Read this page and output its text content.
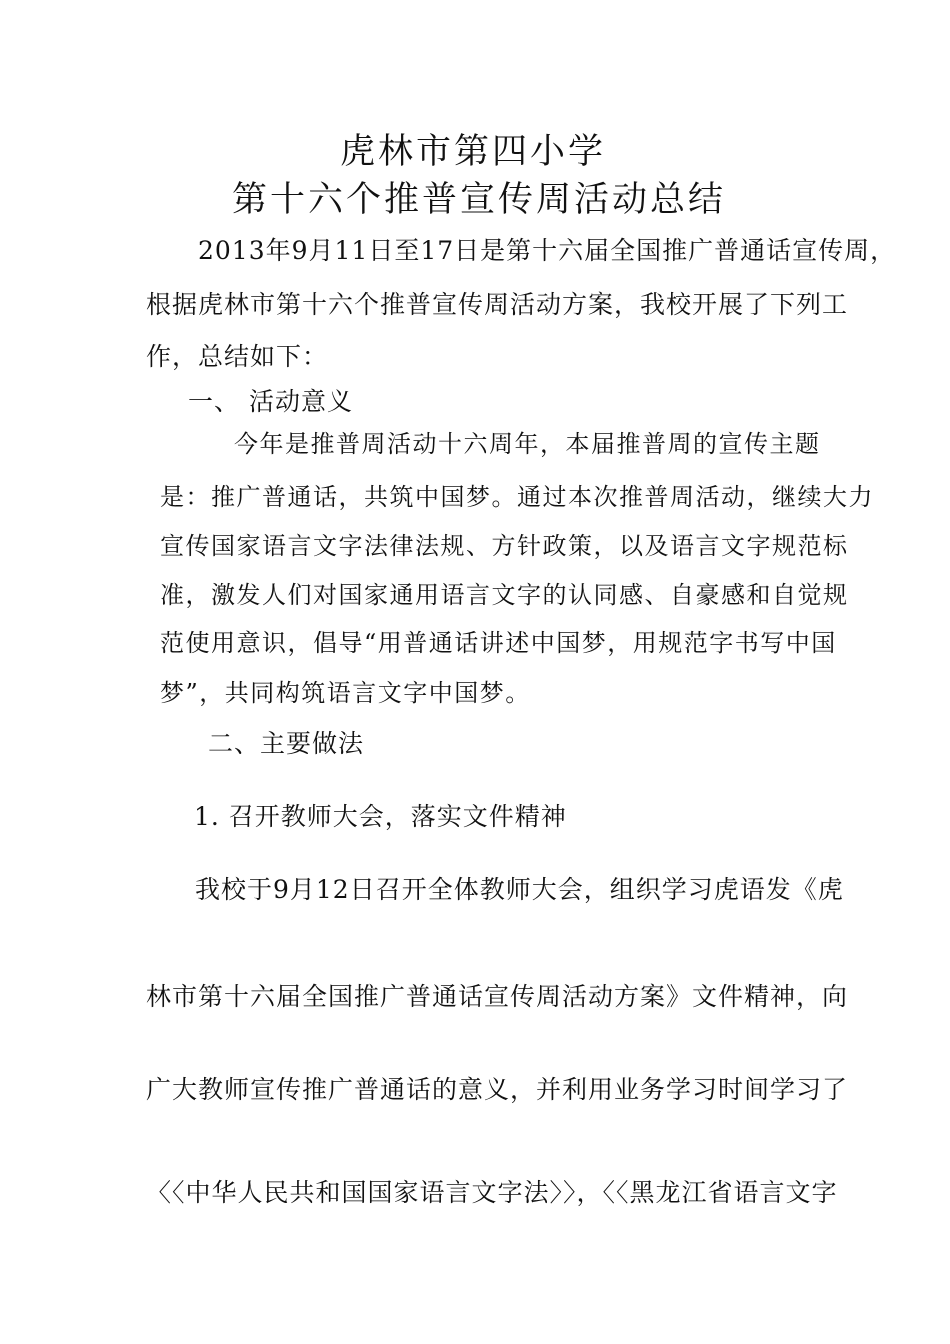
虎林市第四小学
第十六个推普宣传周活动总结
2013年9月11日至17日是第十六届全国推广普通话宣传周，
根据虎林市第十六个推普宣传周活动方案，我校开展了下列工
作，总结如下：
一、 活动意义
今年是推普周活动十六周年，本届推普周的宣传主题
是：推广普通话，共筑中国梦。通过本次推普周活动，继续大力
宣传国家语言文字法律法规、方针政策，以及语言文字规范标
准，激发人们对国家通用语言文字的认同感、自豪感和自觉规
范使用意识，倡导“用普通话讲述中国梦，用规范字书写中国
梦”，共同构筑语言文字中国梦。
二、主要做法
1. 召开教师大会，落实文件精神
我校于9月12日召开全体教师大会，组织学习虎语发《虎
林市第十六届全国推广普通话宣传周活动方案》文件精神，向
广大教师宣传推广普通话的意义，并利用业务学习时间学习了
〈〈中华人民共和国国家语言文字法〉〉，〈〈黑龙江省语言文字
